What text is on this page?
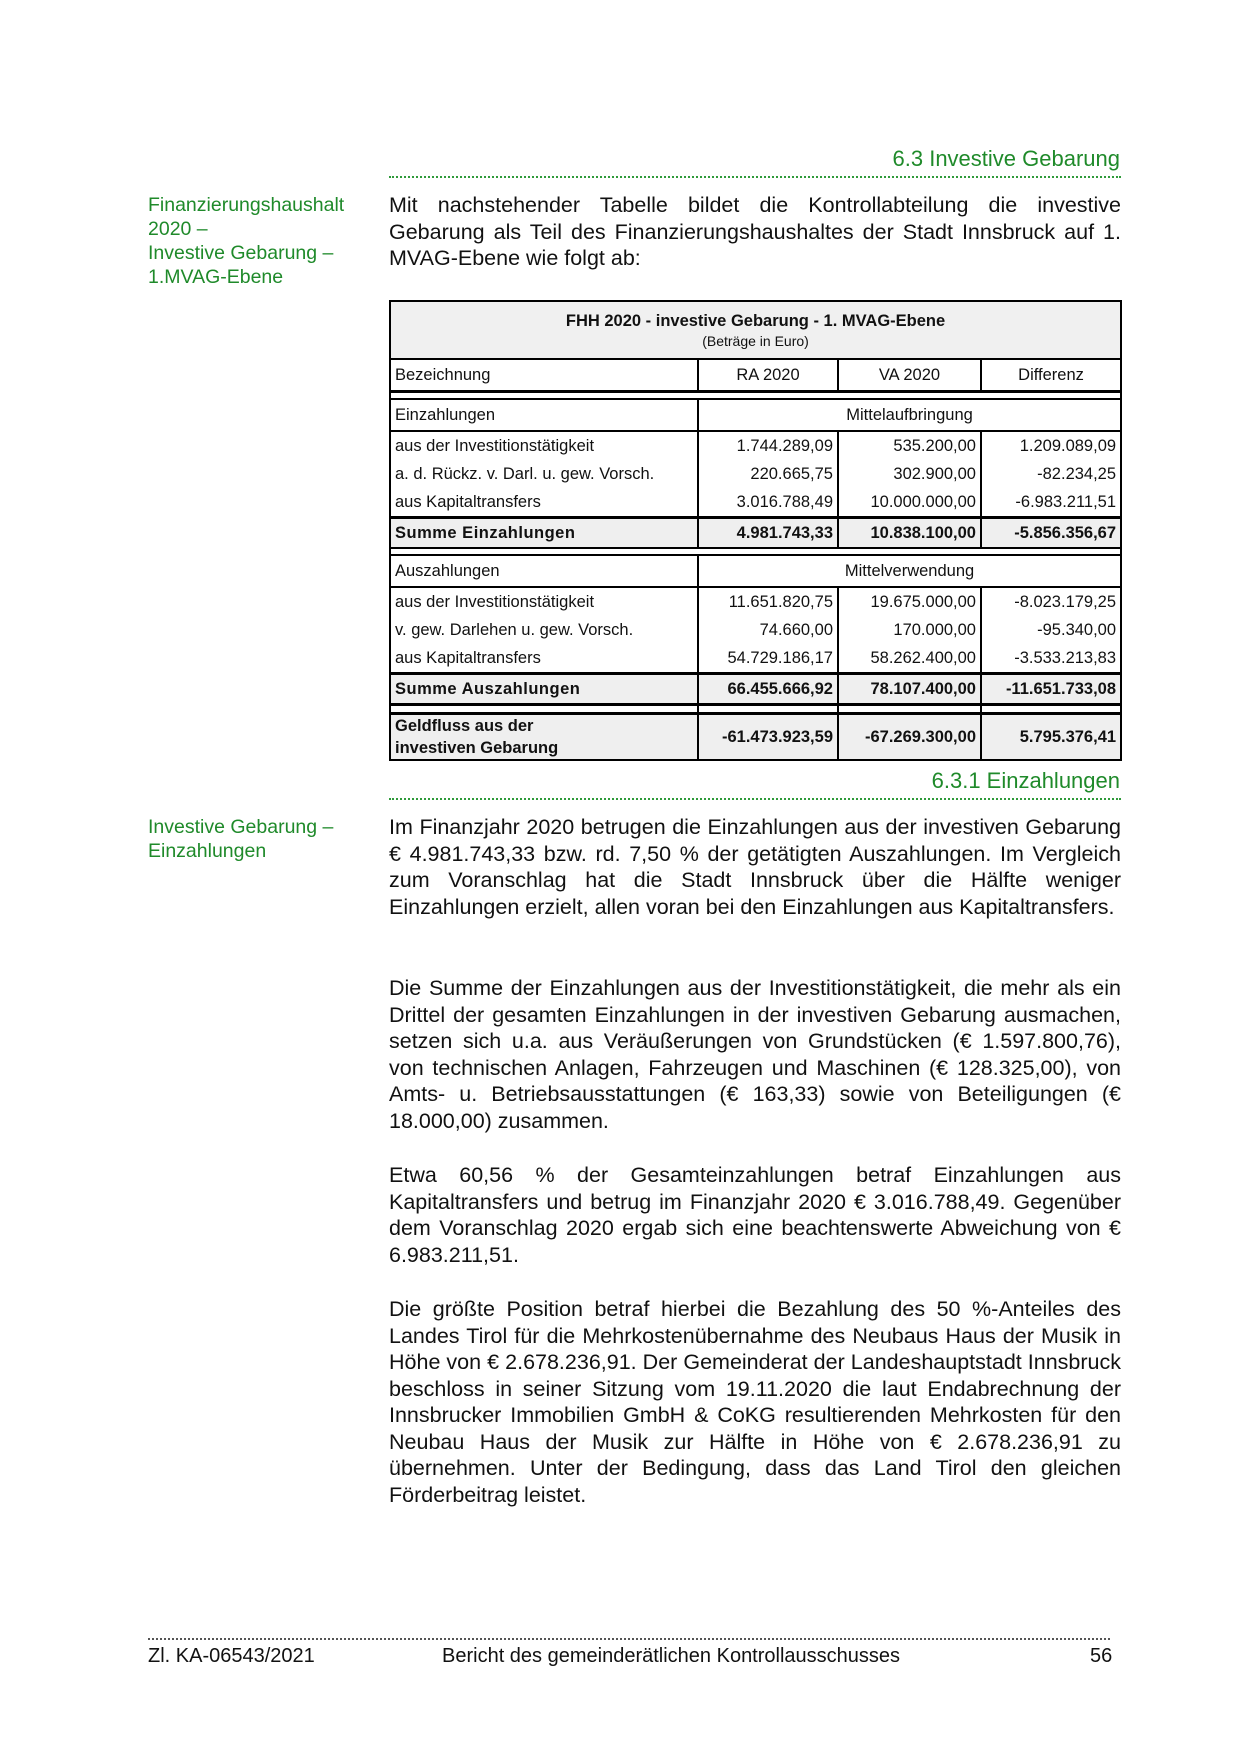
6.3 Investive Gebarung
Finanzierungshaushalt
2020 –
Investive Gebarung –
1.MVAG-Ebene
Mit nachstehender Tabelle bildet die Kontrollabteilung die investive Gebarung als Teil des Finanzierungshaushaltes der Stadt Innsbruck auf 1. MVAG-Ebene wie folgt ab:
FHH 2020 - investive Gebarung - 1. MVAG-Ebene
(Beträge in Euro)			

Bezeichnung	RA 2020	VA 2020	Differenz

Einzahlungen	Mittelaufbringung		
aus der Investitionstätigkeit	1.744.289,09	535.200,00	1.209.089,09
a. d. Rückz. v. Darl. u. gew. Vorsch.	220.665,75	302.900,00	-82.234,25
aus Kapitaltransfers	3.016.788,49	10.000.000,00	-6.983.211,51
Summe Einzahlungen	4.981.743,33	10.838.100,00	-5.856.356,67

Auszahlungen	Mittelverwendung		
aus der Investitionstätigkeit	11.651.820,75	19.675.000,00	-8.023.179,25
v. gew. Darlehen u. gew. Vorsch.	74.660,00	170.000,00	-95.340,00
aus Kapitaltransfers	54.729.186,17	58.262.400,00	-3.533.213,83
Summe Auszahlungen	66.455.666,92	78.107.400,00	-11.651.733,08

Geldfluss aus der
investiven Gebarung	-61.473.923,59	-67.269.300,00	5.795.376,41
6.3.1 Einzahlungen
Investive Gebarung –
Einzahlungen
Im Finanzjahr 2020 betrugen die Einzahlungen aus der investiven Gebarung € 4.981.743,33 bzw. rd. 7,50 % der getätigten Auszahlungen. Im Vergleich zum Voranschlag hat die Stadt Innsbruck über die Hälfte weniger Einzahlungen erzielt, allen voran bei den Einzahlungen aus Kapitaltransfers.
Die Summe der Einzahlungen aus der Investitionstätigkeit, die mehr als ein Drittel der gesamten Einzahlungen in der investiven Gebarung ausmachen, setzen sich u.a. aus Veräußerungen von Grundstücken (€ 1.597.800,76), von technischen Anlagen, Fahrzeugen und Maschinen (€ 128.325,00), von Amts- u. Betriebsausstattungen (€ 163,33) sowie von Beteiligungen (€ 18.000,00) zusammen.
Etwa 60,56 % der Gesamteinzahlungen betraf Einzahlungen aus Kapitaltransfers und betrug im Finanzjahr 2020 € 3.016.788,49. Gegenüber dem Voranschlag 2020 ergab sich eine beachtenswerte Abweichung von € 6.983.211,51.
Die größte Position betraf hierbei die Bezahlung des 50 %-Anteiles des Landes Tirol für die Mehrkostenübernahme des Neubaus Haus der Musik in Höhe von € 2.678.236,91. Der Gemeinderat der Landeshauptstadt Innsbruck beschloss in seiner Sitzung vom 19.11.2020 die laut Endabrechnung der Innsbrucker Immobilien GmbH & CoKG resultierenden Mehrkosten für den Neubau Haus der Musik zur Hälfte in Höhe von € 2.678.236,91 zu übernehmen. Unter der Bedingung, dass das Land Tirol den gleichen Förderbeitrag leistet.
Zl. KA-06543/2021	Bericht des gemeinderätlichen Kontrollausschusses	56
